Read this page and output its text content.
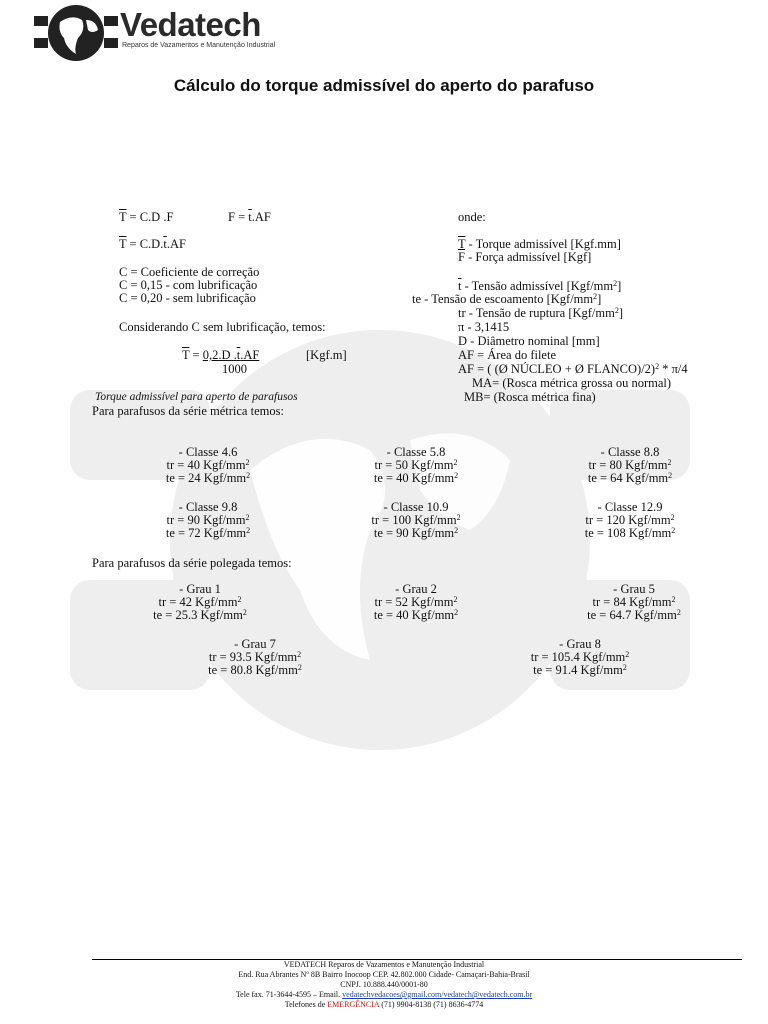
Vedatech
Reparos de Vazamentos e Manutenção Industrial
Cálculo do torque admissível do aperto do parafuso
$\overline{T} = C.D$ .F	$F = \overline{t}.AF$
$\overline{T} = C.D.\overline{t}.AF$
C = Coeficiente de correção
C = 0,15 - com lubrificação
C = 0,20 - sem lubrificação
Considerando C sem lubrificação, temos:
$\overline{T} = 0,2.D$ .t.AF	[Kgf.m]
1000
onde:
$\overline{T}$ - Torque admissível [Kgf.mm]
$\overline{F}$ - Força admissível [Kgf]
$\overline{t}$ - Tensão admissível $[Kgf/mm^2]$
te - Tensão de escoamento $[Kgf/mm^2]$
tr - Tensão de ruptura $[Kgf/mm^2]$
π - 3,1415
D - Diâmetro nominal [mm]
AF = Área do filete
AF = ( (Ø NÚCLEO + Ø FLANCO)/2)$^2$ * π/4
MA= (Rosca métrica grossa ou normal)
MB= (Rosca métrica fina)
Torque admissível para aperto de parafusos
Para parafusos da série métrica temos:
- Classe 4.6
tr = 40 Kgf/$mm^2$
te = 24 Kgf/$mm^2$
- Classe 5.8
tr = 50 Kgf/$mm^2$
te = 40 Kgf/$mm^2$
- Classe 8.8
tr = 80 Kgf/$mm^2$
te = 64 Kgf/$mm^2$
- Classe 9.8
tr = 90 Kgf/$mm^2$
te = 72 Kgf/$mm^2$
- Classe 10.9
tr = 100 Kgf/$mm^2$
te = 90 Kgf/$mm^2$
- Classe 12.9
tr = 120 Kgf/$mm^2$
te = 108 Kgf/$mm^2$
Para parafusos da série polegada temos:
- Grau 1
tr = 42 Kgf/$mm^2$
te = 25.3 Kgf/$mm^2$
- Grau 2
tr = 52 Kgf/$mm^2$
te = 40 Kgf/$mm^2$
- Grau 5
tr = 84 Kgf/$mm^2$
te = 64.7 Kgf/$mm^2$
- Grau 7
tr = 93.5 Kgf/$mm^2$
te = 80.8 Kgf/$mm^2$
- Grau 8
tr = 105.4 Kgf/$mm^2$
te = 91.4 Kgf/$mm^2$
VEDATECH Reparos de Vazamentos e Manutenção Industrial
End. Rua Abrantes Nº 8B Bairro Inocoop CEP. 42.802.000 Cidade- Camaçari-Bahia-Brasil
CNPJ. 10.888.440/0001-80
Tele fax. 71-3644-4595 – Email. vedatechvedacoes@gmail.com/vedatech@vedatech.com.br
Telefones de EMERGÊNCIA (71) 9904-8138 (71) 8636-4774
